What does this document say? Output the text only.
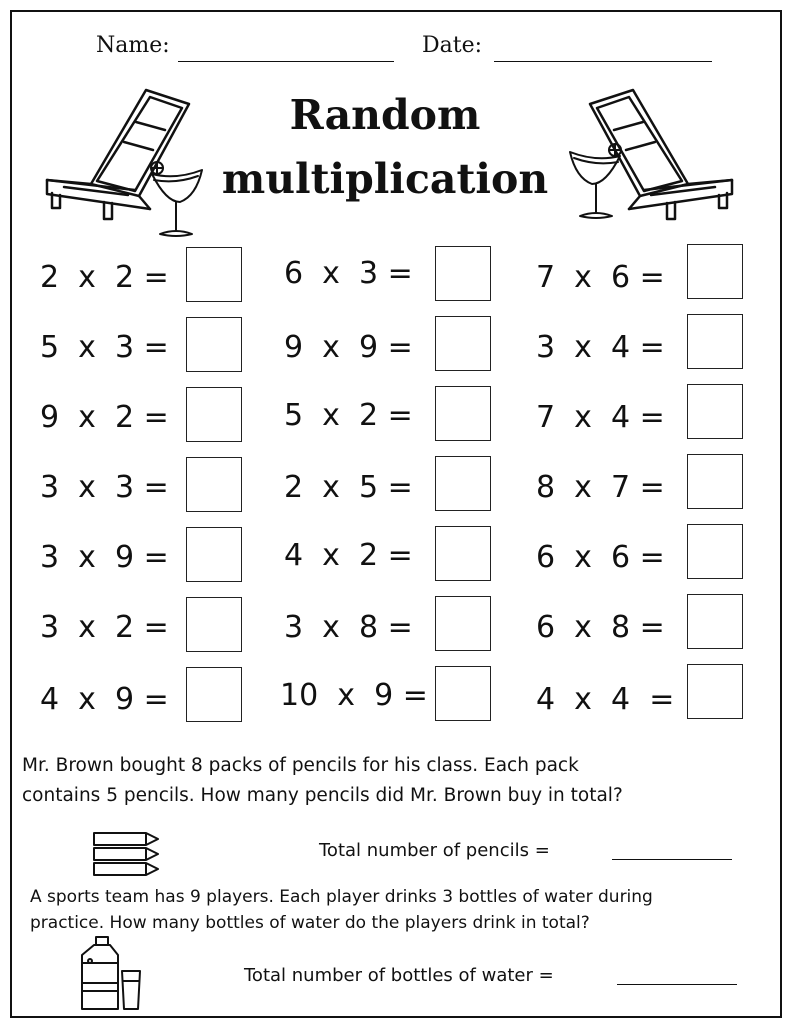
Name:	Date:
Random
multiplication
2 x 2 =	6 x 3 =	7 x 6 =
5 x 3 =	9 x 9 =	3 x 4 =
9 x 2 =	5 x 2 =	7 x 4 =
3 x 3 =	2 x 5 =	8 x 7 =
3 x 9 =	4 x 2 =	6 x 6 =
3 x 2 =	3 x 8 =	6 x 8 =
4 x 9 =	10 x 9 =	4 x 4 =
Mr. Brown bought 8 packs of pencils for his class. Each pack
contains 5 pencils. How many pencils did Mr. Brown buy in total?
Total number of pencils =
A sports team has 9 players. Each player drinks 3 bottles of water during
practice. How many bottles of water do the players drink in total?
Total number of bottles of water =
